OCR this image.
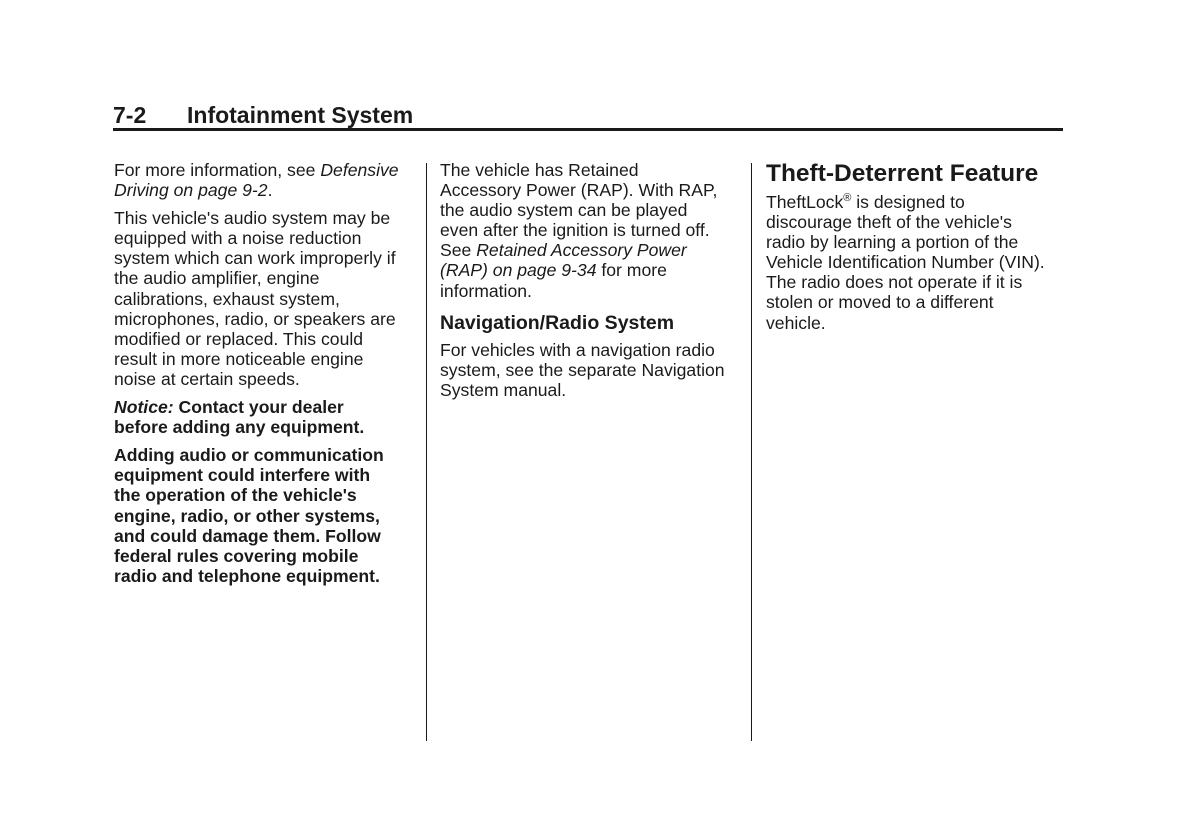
7-2 Infotainment System

For more information, see Defensive
Driving on page 9-2.

This vehicle's audio system may be
equipped with a noise reduction
system which can work improperly if
the audio amplifier, engine
calibrations, exhaust system,
microphones, radio, or speakers are
modified or replaced. This could
result in more noticeable engine
noise at certain speeds.

Notice: Contact your dealer
before adding any equipment.

Adding audio or communication
equipment could interfere with
the operation of the vehicle's
engine, radio, or other systems,
and could damage them. Follow
federal rules covering mobile
radio and telephone equipment.

The vehicle has Retained
Accessory Power (RAP). With RAP,
the audio system can be played
even after the ignition is turned off.
See Retained Accessory Power
(RAP) on page 9-34 for more
information.

Navigation/Radio System

For vehicles with a navigation radio
system, see the separate Navigation
System manual.

Theft-Deterrent Feature

TheftLock® is designed to
discourage theft of the vehicle's
radio by learning a portion of the
Vehicle Identification Number (VIN).
The radio does not operate if it is
stolen or moved to a different
vehicle.
